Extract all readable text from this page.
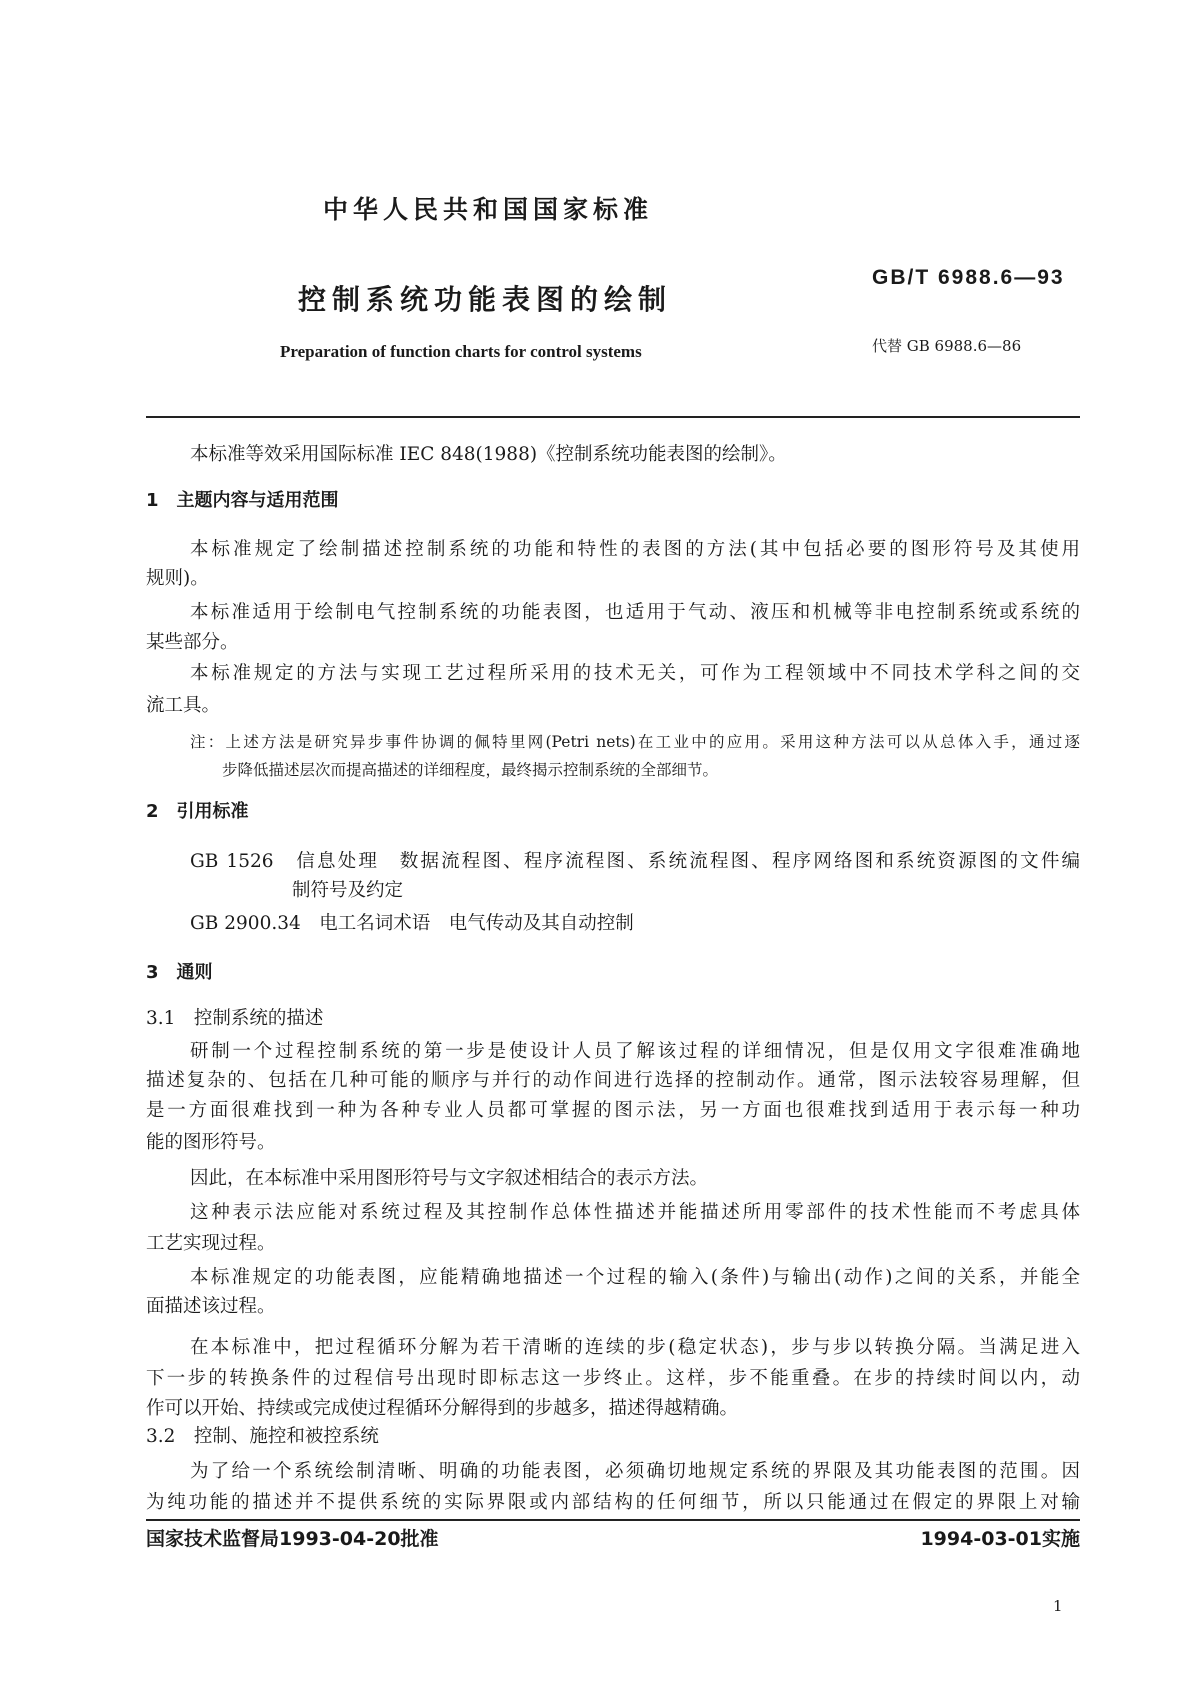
中华人民共和国国家标准
控制系统功能表图的绘制
GB/T 6988.6—93
Preparation of function charts for control systems	代替 GB 6988.6—86
本标准等效采用国际标准 IEC 848(1988)《控制系统功能表图的绘制》。
1　主题内容与适用范围
本标准规定了绘制描述控制系统的功能和特性的表图的方法(其中包括必要的图形符号及其使用
规则)。
本标准适用于绘制电气控制系统的功能表图，也适用于气动、液压和机械等非电控制系统或系统的
某些部分。
本标准规定的方法与实现工艺过程所采用的技术无关，可作为工程领域中不同技术学科之间的交
流工具。
注：上述方法是研究异步事件协调的佩特里网(Petri nets)在工业中的应用。采用这种方法可以从总体入手，通过逐
步降低描述层次而提高描述的详细程度，最终揭示控制系统的全部细节。
2　引用标准
GB 1526　信息处理　数据流程图、程序流程图、系统流程图、程序网络图和系统资源图的文件编
制符号及约定
GB 2900.34　电工名词术语　电气传动及其自动控制
3　通则
3.1　控制系统的描述
研制一个过程控制系统的第一步是使设计人员了解该过程的详细情况，但是仅用文字很难准确地
描述复杂的、包括在几种可能的顺序与并行的动作间进行选择的控制动作。通常，图示法较容易理解，但
是一方面很难找到一种为各种专业人员都可掌握的图示法，另一方面也很难找到适用于表示每一种功
能的图形符号。
因此，在本标准中采用图形符号与文字叙述相结合的表示方法。
这种表示法应能对系统过程及其控制作总体性描述并能描述所用零部件的技术性能而不考虑具体
工艺实现过程。
本标准规定的功能表图，应能精确地描述一个过程的输入(条件)与输出(动作)之间的关系，并能全
面描述该过程。
在本标准中，把过程循环分解为若干清晰的连续的步(稳定状态)，步与步以转换分隔。当满足进入
下一步的转换条件的过程信号出现时即标志这一步终止。这样，步不能重叠。在步的持续时间以内，动
作可以开始、持续或完成使过程循环分解得到的步越多，描述得越精确。
3.2　控制、施控和被控系统
为了给一个系统绘制清晰、明确的功能表图，必须确切地规定系统的界限及其功能表图的范围。因
为纯功能的描述并不提供系统的实际界限或内部结构的任何细节，所以只能通过在假定的界限上对输
国家技术监督局1993-04-20批准	1994-03-01实施
1
